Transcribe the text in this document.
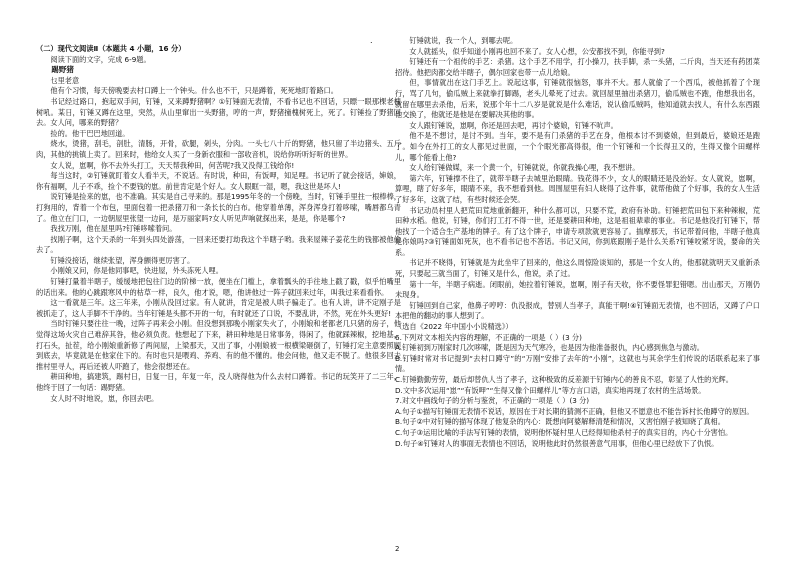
.

（二）现代文阅读Ⅱ（本题共 4 小题，16 分）

阅读下面的文字，完成 6-9题。

踢野猪

乜里老意

他有个习惯，每天傍晚要去村口蹲上一个钟头。什么也不干，只是蹲着，死死地盯着路口。

书记经过路口，抱起双手问，钉锤，又来蹲野猪啊？①钉锤面无表情，不看书记也不回话，只瞟一眼那棵老槐树吼。某日，钉锤又蹲在这里，突然，从山里窜出一头野猪，哼的一声，野猪撞槐树死上，死了。钉锤捡了野猪回去。女人问，哪来的野猪？

捡的。他干巴巴地回道。

烧水，烫猪，刮毛，剖肚，清肠，开骨，砍腿，剁头，分肉。一头七八十斤的野猪，他只留了半边猪头、五斤肉，其他的挑镇上卖了。回来时，他给女人买了一身新衣服和一部收音机，说给你听听好听的世界。

女人说，崽啊，你不去外头打工，天天帮我种田，何苦呢?我又没得工钱给你!

每当这时，②钉锤就盯着女人看半天，不说话。有时说，种田，有饭呷，知足哩。书记听了就会接话，婶娘，你有福啊，儿子不乖，捡个不要钱的崽。前世肯定是个好人。女人眼眶一湿，嗯，我这世是坏人!

说钉锤是捡来的崽，也不准确。其实是自己寻来的。那是1995年冬的一个傍晚，当时，钉锤手里拄一根棒棒，打狗用的，背着一个布包，里面包着一把杀猪刀和一条长长的白布。他穿着单薄，浑身浑身打着哆嗦，嘴唇都乌青了。他立在门口，一边朝屋里张望一边问，是万丽家吗?女人听见声响就探出来，是是，你是哪个?

我找万刚，他在屋里吗?钉锤哆嗦着问。

找刚子啊，这个天杀的一年到头四处游荡，一回来还要打劫我这个半瞎子哟。我来屋辣子姜花生的钱都被他偷去了。

钉锤没接话，继续张望，浑身颤得更厉害了。

小刚娘又问，你是他同事吧，快进屋，外头冻死人哩。

钉锤打量着半瞎子，缓缓地把包往门边的阶梯一放，便坐在门槛上，拿着瓢头的手往地上戳了戳，似乎怕嘴里的话出来。他的心跳跟寒风中的枯草一样，良久，他才说，嗯，他讲他过一阵子就回来过年，叫我过来看看你。

这一看就是三年。这三年来，小刚从没回过家。有人就讲，肯定是被人哄子骗走了。也有人讲，讲不定刚子是被抓走了，这人手脚不干净的。当年钉锤是头都不开的一句，有时就还了口说，不要乱讲，不然，死在外头更好!

当时钉锤只要往往一晚，过阵子再来会小刚。但没想到那晚小刚家失火了，小刚娘和老都老几只猪的房子，他觉得这场火灾自己难辞其咎，他必须负责。他想起了下来，耕田种地是日常事务，得闲了，他就踩辣椒，挖地基，打石头，扯茬，给小刚娘重新修了两间屋，上梁那天，又出了事，小刚娘被一根横梁砸倒了，钉锤打定主意要照顾到底去，毕竟就是在他家住下的。有时也只是喂鸡、养鸡、有的他不懂的。他会问他，他又走不脱了。他很多回去推村里寻人，再后还被人吓跑了，他会很想还在。

耕田种地，搞建筑，踢村日，日复一日，年复一年，没人晓得他为什么去村口蹲着。书记的玩笑开了二三年，他终于回了一句话：踢野猪。

女人时不时地说，崽，你回去吧。

钉锤就说，我一个人，到哪去呢。

女人就摇头，似乎知道小刚再也回不来了。女人心想，公安都找不到，你能寻到?

钉锤还有一个祖传的手艺：杀猪。这个手艺不用学，打小操刀，扶手脚，杀一头猪，二斤肉，当天还有药团菜招待。他把肉都交给半瞎子，偶尔回家也带一点儿给娘。

但，事情就出在这门手艺上。说起这事，钉锤就很恼怒，事并不大。那人就偷了一个西瓜，被他抓着了个现行，骂了几句，偷瓜贼上来就拳打脚踢，老头儿晕死了过去。就回屋里抽出杀猪刀，偷瓜贼也不跑，他想我出名，就留在哪里去杀他，后来，说那个年十二八岁是就说是什么难话，说认偷瓜贼吗，他知道就去找人，有什么东西跟他交换了，他就还是他是在要解决其他的事。

女人跟钉锤说，崽啊，你还是回去吧，再讨个婆娘，钉锤不吭声。

他不是不想讨，是讨不到。当年，要不是有门杀猪的手艺在身，他根本讨不到婆娘，但到最后，婆娘还是跑了。如今在外打工的女人都见过世面，一个个眼光都高得很，他一个钉锤和一个长得丑又的，生得又像个田螺样儿，哪个能看上他?

女人给钉锤做媒，来一个黄一个，钉锤就说，你就我操心哩，我不想讲。

第六年，钉锤撑不住了，就带半瞎子去城里治眼睛。钱花得不少，女人的眼睛还是没治好。女人就说，崽啊，算哩，瞎了好多年，眼睛不来，我不想看到他。周围屋里有妇人晓得了这件事，就帮他做了个好事，我的女人生活了好多年，这就了结，有些时候还会哭。

书记动员村里人把荒田荒地重新翻开，种什么都可以，只要不荒，政府有补助。钉锤把荒田包下来种辣椒，荒田种水稻。他说，钉锤，你们打工打不得一世，还是要耕田种地，这是祖祖辈辈的事业。书记是他没打钉锤下，帮他找了一个适合生产基地的牌子。有了这个牌子，申请专项款就更容易了。揣摩那天，书记带着问他，半瞎子他真是你娘吗?③钉锤面如死灰，也不看书记也不答话。书记又问，你到底跟刚子是什么关系?钉锤咬紧牙说，要命的关系。

书记并不晓得，钉锤就是为此坐牢了回来的，他这么周惊险谈知的，那是一个女人的，他那就就明天又重新杀死，只要起三就当面了，钉锤又是什么，他说，杀了过。

第十一年，半瞎子病逝。闭眼前，她拉着钉锤说，崽啊，刚子有天收，你不要怪罪犯错嗯。出山那天，万刚仍未现身。

钉锤回到自己家，他鼻子哼哼：仇没报成，替别人当孝子，真能干啊!④钉锤面无表情，也不回话，又蹲了户口本把他的翻动的事人想到了。

（选自《2022 年中国小小说精选》）

6.下列对文本相关内容的理解，不正确的一项是（ ）(3 分)

A.钉锤初到万刚家时几次哆嗦，既是因为天气寒冷，也是因为他准备报仇，内心感到焦急与激动。

B.钉锤时常对书记提到“去村口蹲守”的“万刚”安排了去年的“小刚”，这就也与其余学生们传说的话联系起来了事情。

C.钉锤勤勤劳劳，最后却替仇人当了孝子，这种极致的反差源于钉锤内心的善良不忍，彰显了人性的光辉。

D.文中多次运用“崽”“有饭呷”“生得又像个田螺样儿”等方言口语，真实地再现了农村的生活场景。

7.对文中画线句子的分析与鉴赏，不正确的一项是（ ）(3 分)

A.句子①描写钉锤面无表情不说话，原因在于对长期的猜测不正确，但他又不愿意也不能告诉村长他蹲守的原因。

B.句子②中对钉锤的描写体现了他复杂的内心：既想向阿婆解释清楚和情况，又害怕刚子被知晓了真相。

C.句子③运用比喻的手法写钉锤的表情，说明他怀疑村里人已经得知他杀村子的真实目的，内心十分害怕。

D.句子④钉锤对人的事面无表情也不回话，说明他此时仍然很善意气用事，但他心里已经放下了仇恨。

2
